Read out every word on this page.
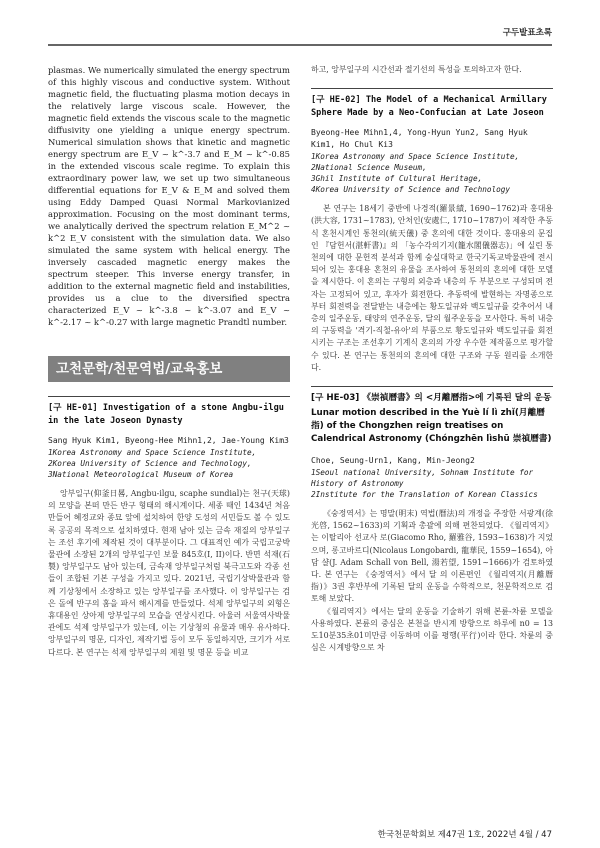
구두발표초록

plasmas. We numerically simulated the energy spectrum of this highly viscous and conductive system. Without magnetic field, the fluctuating plasma motion decays in the relatively large viscous scale. However, the magnetic field extends the viscous scale to the magnetic diffusivity one yielding a unique energy spectrum. Numerical simulation shows that kinetic and magnetic energy spectrum are E_V ~ k^-3.7 and E_M ~ k^-0.85 in the extended viscous scale regime. To explain this extraordinary power law, we set up two simultaneous differential equations for E_V & E_M and solved them using Eddy Damped Quasi Normal Markovianized approximation. Focusing on the most dominant terms, we analytically derived the spectrum relation E_M^2 ~ k^2 E_V consistent with the simulation data. We also simulated the same system with helical energy. The inversely cascaded magnetic energy makes the spectrum steeper. This inverse energy transfer, in addition to the external magnetic field and instabilities, provides us a clue to the diversified spectra characterized E_V ~ k^-3.8 ~ k^-3.07 and E_V ~ k^-2.17 ~ k^-0.27 with large magnetic Prandtl number.

고천문학/천문역법/교육홍보
[구 HE-01] Investigation of a stone Angbu-ilgu in the late Joseon Dynasty

Sang Hyuk Kim1, Byeong-Hee Mihn1,2, Jae-Young Kim3

1Korea Astronomy and Space Science Institute,

2Korea University of Science and Technology,

3National Meteorological Museum of Korea

앙부일구(仰釜日晷, Angbu-ilgu, scaphe sundial)는 천구(天球)의 모양을 본떠 만든 반구 형태의 해시계이다. 세종 때인 1434년 처음 만들어 혜정교와 종묘 앞에 설치하여 한양 도성의 서민들도 볼 수 있도록 공공의 목적으로 설치하였다. 현재 남아 있는 금속 재질의 앙부일구는 조선 후기에 제작된 것이 대부분이다. 그 대표적인 예가 국립고궁박물관에 소장된 2개의 앙부일구인 보물 845호(I, II)이다. 반면 석재(石製) 앙부일구도 남아 있는데, 금속재 앙부일구처럼 북극고도와 각종 선들이 조합된 기본 구성을 가지고 있다. 2021년, 국립기상박물관과 함께 기상청에서 소장하고 있는 앙부일구를 조사했다. 이 앙부일구는 검은 돌에 반구의 홈을 파서 해시계를 만들었다. 석제 앙부일구의 외형은 휴대용인 상아제 앙부일구의 모습을 연상시킨다. 아울러 서울역사박물관에도 석제 앙부일구가 있는데, 이는 기상청의 유물과 매우 유사하다. 앙부일구의 명문, 디자인, 제작기법 등이 모두 동일하지만, 크기가 서로 다르다. 본 연구는 석제 앙부일구의 제원 및 명문 등을 비교

하고, 앙부일구의 시간선과 절기선의 특성을 토의하고자 한다.

[구 HE-02] The Model of a Mechanical Armillary Sphere Made by a Neo-Confucian at Late Joseon

Byeong-Hee Mihn1,4, Yong-Hyun Yun2, Sang Hyuk Kim1, Ho Chul Ki3

1Korea Astronomy and Space Science Institute,

2National Science Museum,

3Ghil Institute of Cultural Heritage,

4Korea University of Science and Technology

본 연구는 18세기 중반에 나경적(羅景績, 1690~1762)과 홍대용(洪大容, 1731~1783), 안처인(安處仁, 1710~1787)이 제작한 추동식 혼천시계인 통천의(統天儀) 중 혼의에 대한 것이다. 홍대용의 문집인 『담헌서(湛軒書)』의 「농수각의기지(籠水閣儀器志)」에 실린 통천의에 대한 문헌적 분석과 함께 숭실대학교 한국기독교박물관에 전시되어 있는 홍대용 혼천의 유물을 조사하여 통천의의 혼의에 대한 모델을 제시한다. 이 혼의는 구형의 외층과 내층의 두 부분으로 구성되며 전자는 고정되어 있고, 후자가 회전한다. 추동력에 발현하는 자명종으로부터 회전력을 전달받는 내층에는 황도일규와 백도일규를 갖추어서 내층의 일주운동, 태양의 연주운동, 달의 월주운동을 모사한다. 특히 내층의 구동력을 '격기-직철-유아'의 부품으로 황도일규와 백도일규를 회전시키는 구조는 조선후기 기계식 혼의의 가장 우수한 제작품으로 평가할 수 있다. 본 연구는 통천의의 혼의에 대한 구조와 구동 원리를 소개한다.

[구 HE-03] 《崇禎曆書》의 <月離曆指>에 기록된 달의 운동
Lunar motion described in the Yuè lí lì zhǐ(月離曆指) of the Chongzhen reign treatises on Calendrical Astronomy (Chóngzhēn lìshū 崇禎曆書)

Choe, Seung-Urn1, Kang, Min-Jeong2

1Seoul national University, Sohnam Institute for History of Astronomy

2Institute for the Translation of Korean Classics

《숭정역서》는 명말(明末) 역법(曆法)의 개정을 주장한 서광계(徐光啓, 1562~1633)의 기획과 총괄에 의해 편찬되었다. 《월리역지》는 이탈리아 선교사 로(Giacomo Rho, 羅雅谷, 1593~1638)가 지었으며, 롱고바르디(Nicolaus Longobardi, 龍華民, 1559~1654), 아담 샬(J. Adam Schall von Bell, 湯若望, 1591~1666)가 검토하였다. 본 연구는 《숭정역서》에서 달 의 이론편인 《월리역지(月離曆指)》3권 후반부에 기록된 달의 운동을 수학적으로, 천문학적으로 검토해 보았다.

《월리역지》에서는 달의 운동을 기술하기 위해 본륜-차륜 모델을 사용하였다. 본륜의 중심은 본천을 반시계 방향으로 하루에 n0 = 13도10분35초01미만큼 이동하며 이를 평행(平行)이라 한다. 차륜의 중심은 시계방향으로 차

한국천문학회보 제47권 1호, 2022년 4월 / 47
